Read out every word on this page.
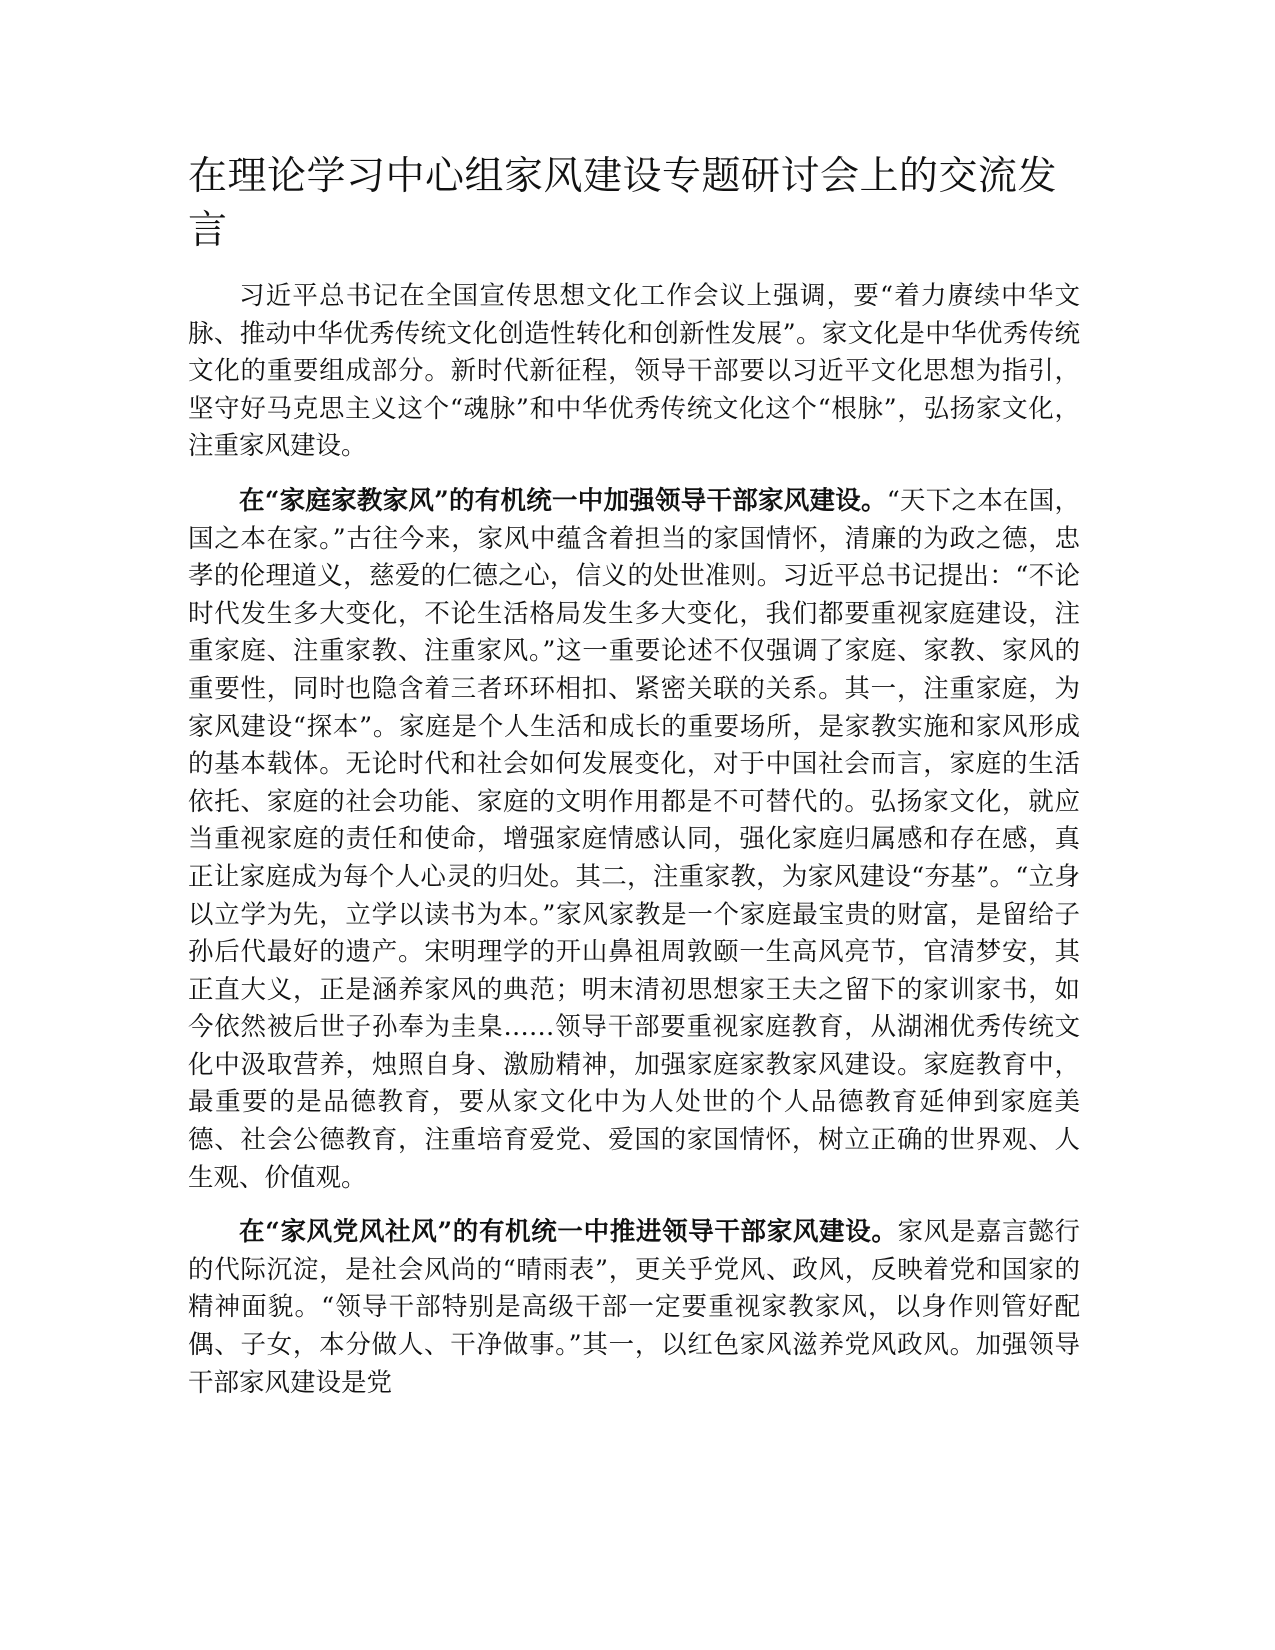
在理论学习中心组家风建设专题研讨会上的交流发言

习近平总书记在全国宣传思想文化工作会议上强调，要“着力赓续中华文脉、推动中华优秀传统文化创造性转化和创新性发展”。家文化是中华优秀传统文化的重要组成部分。新时代新征程，领导干部要以习近平文化思想为指引，坚守好马克思主义这个“魂脉”和中华优秀传统文化这个“根脉”，弘扬家文化，注重家风建设。

在“家庭家教家风”的有机统一中加强领导干部家风建设。“天下之本在国，国之本在家。”古往今来，家风中蕴含着担当的家国情怀，清廉的为政之德，忠孝的伦理道义，慈爱的仁德之心，信义的处世准则。习近平总书记提出：“不论时代发生多大变化，不论生活格局发生多大变化，我们都要重视家庭建设，注重家庭、注重家教、注重家风。”这一重要论述不仅强调了家庭、家教、家风的重要性，同时也隐含着三者环环相扣、紧密关联的关系。其一，注重家庭，为家风建设“探本”。家庭是个人生活和成长的重要场所，是家教实施和家风形成的基本载体。无论时代和社会如何发展变化，对于中国社会而言，家庭的生活依托、家庭的社会功能、家庭的文明作用都是不可替代的。弘扬家文化，就应当重视家庭的责任和使命，增强家庭情感认同，强化家庭归属感和存在感，真正让家庭成为每个人心灵的归处。其二，注重家教，为家风建设“夯基”。“立身以立学为先，立学以读书为本。”家风家教是一个家庭最宝贵的财富，是留给子孙后代最好的遗产。宋明理学的开山鼻祖周敦颐一生高风亮节，官清梦安，其正直大义，正是涵养家风的典范；明末清初思想家王夫之留下的家训家书，如今依然被后世子孙奉为圭臬……领导干部要重视家庭教育，从湖湘优秀传统文化中汲取营养，烛照自身、激励精神，加强家庭家教家风建设。家庭教育中，最重要的是品德教育，要从家文化中为人处世的个人品德教育延伸到家庭美德、社会公德教育，注重培育爱党、爱国的家国情怀，树立正确的世界观、人生观、价值观。

在“家风党风社风”的有机统一中推进领导干部家风建设。家风是嘉言懿行的代际沉淀，是社会风尚的“晴雨表”，更关乎党风、政风，反映着党和国家的精神面貌。“领导干部特别是高级干部一定要重视家教家风，以身作则管好配偶、子女，本分做人、干净做事。”其一，以红色家风滋养党风政风。加强领导干部家风建设是党
